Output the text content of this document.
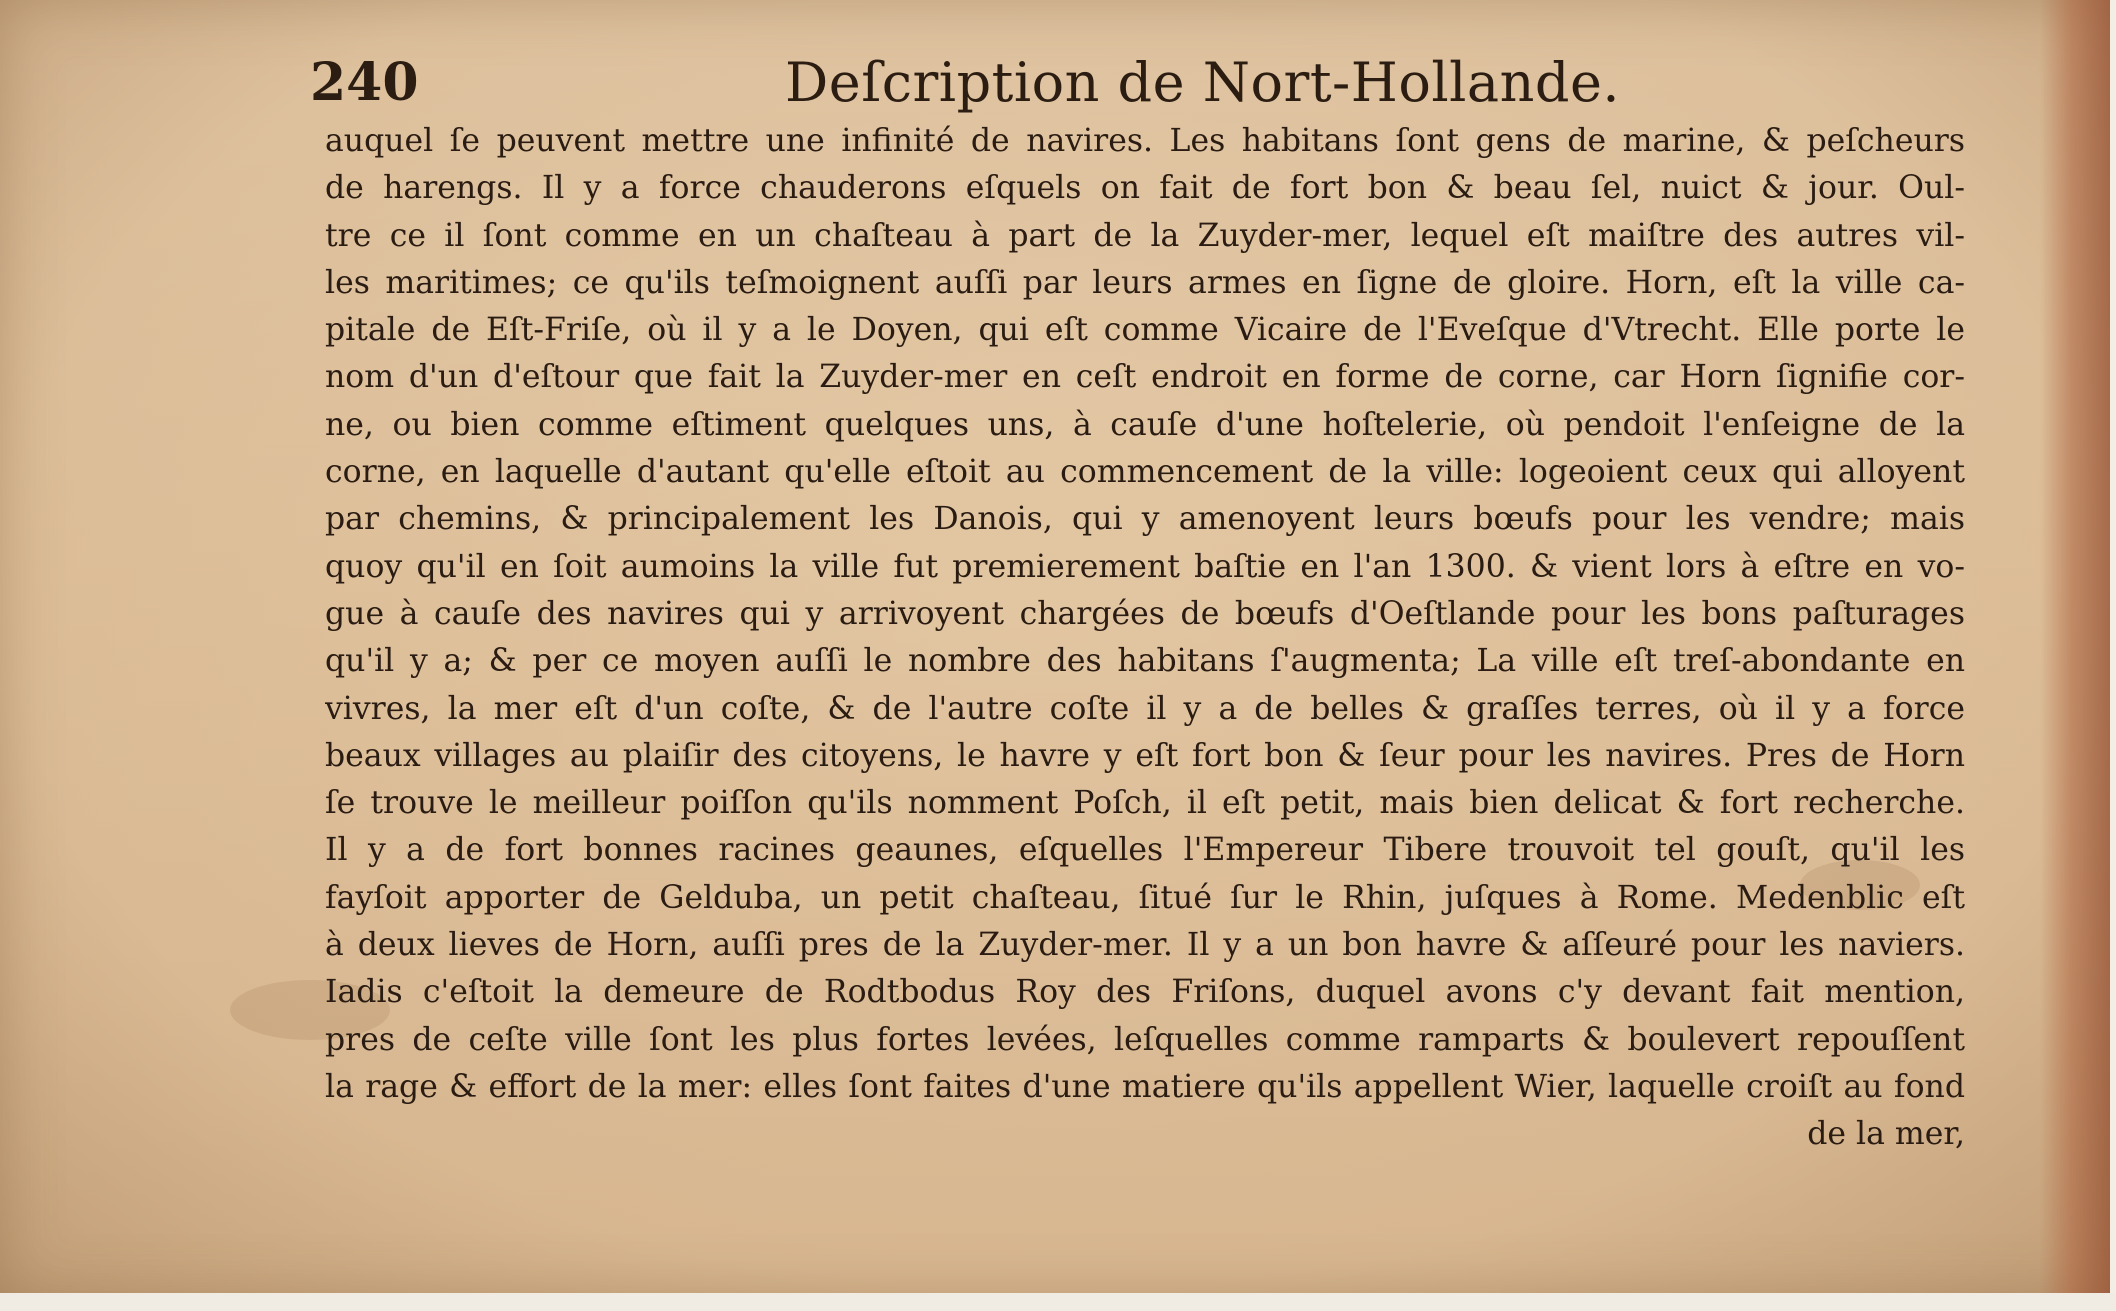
240	Deſcription de Nort-Hollande.
auquel ſe peuvent mettre une infinité de navires. Les habitans ſont gens de marine, & peſcheurs
de harengs. Il y a force chauderons eſquels on fait de fort bon & beau ſel, nuict & jour. Oul-
tre ce il ſont comme en un chaſteau à part de la Zuyder-mer, lequel eſt maiſtre des autres vil-
les maritimes; ce qu'ils teſmoignent auſſi par leurs armes en ſigne de gloire. Horn, eſt la ville ca-
pitale de Eſt-Friſe, où il y a le Doyen, qui eſt comme Vicaire de l'Eveſque d'Vtrecht. Elle porte le
nom d'un d'eſtour que fait la Zuyder-mer en ceſt endroit en forme de corne, car Horn ſignifie cor-
ne, ou bien comme eſtiment quelques uns, à cauſe d'une hoſtelerie, où pendoit l'enſeigne de la
corne, en laquelle d'autant qu'elle eſtoit au commencement de la ville: logeoient ceux qui alloyent
par chemins, & principalement les Danois, qui y amenoyent leurs bœufs pour les vendre; mais
quoy qu'il en ſoit aumoins la ville fut premierement baſtie en l'an 1300. & vient lors à eſtre en vo-
gue à cauſe des navires qui y arrivoyent chargées de bœufs d'Oeſtlande pour les bons paſturages
qu'il y a; & per ce moyen auſſi le nombre des habitans ſ'augmenta; La ville eſt treſ-abondante en
vivres, la mer eſt d'un coſte, & de l'autre coſte il y a de belles & graſſes terres, où il y a force
beaux villages au plaiſir des citoyens, le havre y eſt fort bon & ſeur pour les navires. Pres de Horn
ſe trouve le meilleur poiſſon qu'ils nomment Poſch, il eſt petit, mais bien delicat & fort recherche.
Il y a de fort bonnes racines geaunes, eſquelles l'Empereur Tibere trouvoit tel gouſt, qu'il les
fayſoit apporter de Gelduba, un petit chaſteau, ſitué ſur le Rhin, juſques à Rome. Medenblic eſt
à deux lieves de Horn, auſſi pres de la Zuyder-mer. Il y a un bon havre & aſſeuré pour les naviers.
Iadis c'eſtoit la demeure de Rodtbodus Roy des Friſons, duquel avons c'y devant fait mention,
pres de ceſte ville ſont les plus fortes levées, leſquelles comme ramparts & boulevert repouſſent
la rage & effort de la mer: elles ſont faites d'une matiere qu'ils appellent Wier, laquelle croiſt au fond
de la mer,
